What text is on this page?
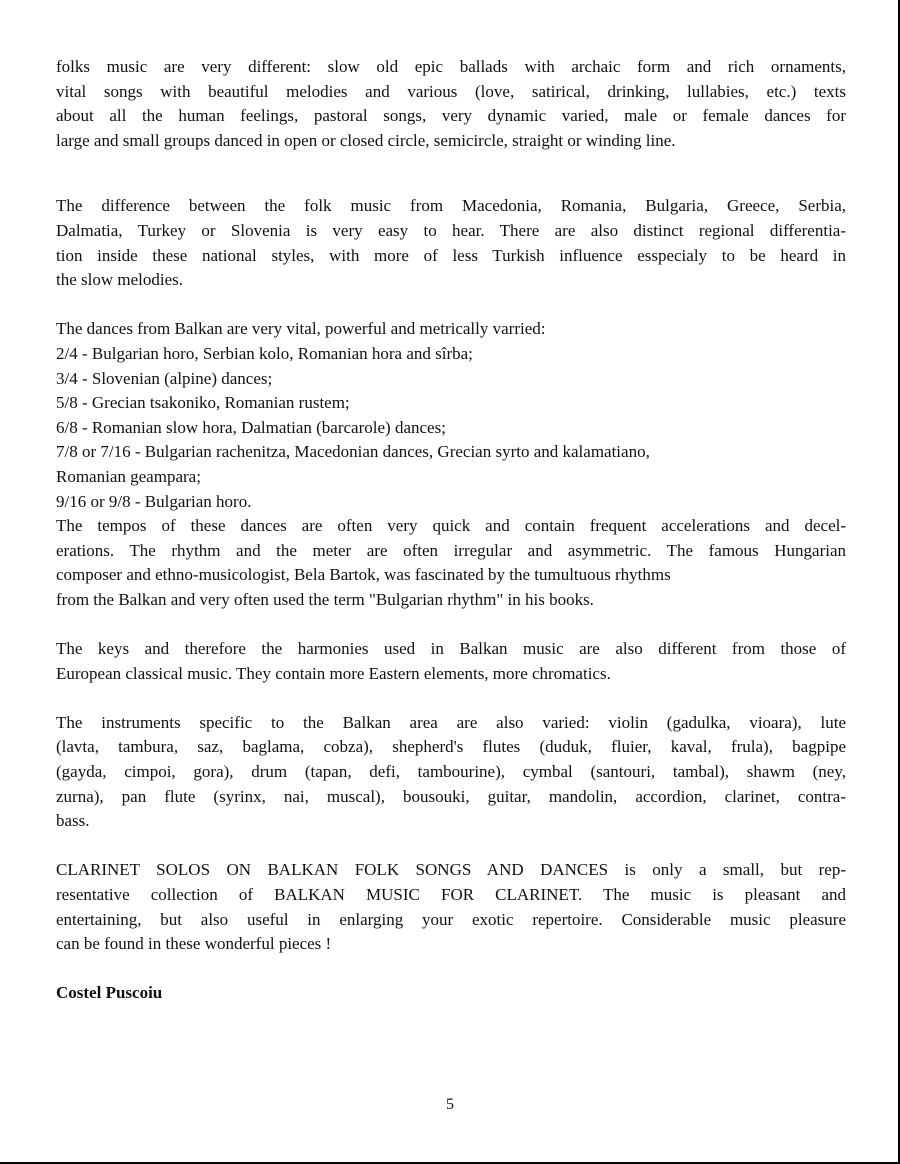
folks music are very different: slow old epic ballads with archaic form and rich ornaments,
vital songs with beautiful melodies and various (love, satirical, drinking, lullabies, etc.) texts
about all the human feelings, pastoral songs, very dynamic varied, male or female dances for
large and small groups danced in open or closed circle, semicircle, straight or winding line.
The difference between the folk music from Macedonia, Romania, Bulgaria, Greece, Serbia,
Dalmatia, Turkey or Slovenia is very easy to hear. There are also distinct regional differentia-
tion inside these national styles, with more of less Turkish influence esspecialy to be heard in
the slow melodies.
The dances from Balkan are very vital, powerful and metrically varried:
2/4 - Bulgarian horo, Serbian kolo, Romanian hora and sîrba;
3/4 - Slovenian (alpine) dances;
5/8 - Grecian tsakoniko, Romanian rustem;
6/8 - Romanian slow hora, Dalmatian (barcarole) dances;
7/8 or 7/16 - Bulgarian rachenitza, Macedonian dances, Grecian syrto and kalamatiano,
Romanian geampara;
9/16 or 9/8 - Bulgarian horo.
The tempos of these dances are often very quick and contain frequent accelerations and decel-
erations. The rhythm and the meter are often irregular and asymmetric. The famous Hungarian
composer and ethno-musicologist, Bela Bartok, was fascinated by the tumultuous rhythms
from the Balkan and very often used the term "Bulgarian rhythm" in his books.
The keys and therefore the harmonies used in Balkan music are also different from those of
European classical music. They contain more Eastern elements, more chromatics.
The instruments specific to the Balkan area are also varied: violin (gadulka, vioara), lute
(lavta, tambura, saz, baglama, cobza), shepherd's flutes (duduk, fluier, kaval, frula), bagpipe
(gayda, cimpoi, gora), drum (tapan, defi, tambourine), cymbal (santouri, tambal), shawm (ney,
zurna), pan flute (syrinx, nai, muscal), bousouki, guitar, mandolin, accordion, clarinet, contra-
bass.
CLARINET SOLOS ON BALKAN FOLK SONGS AND DANCES is only a small, but rep-
resentative collection of BALKAN MUSIC FOR CLARINET. The music is pleasant and
entertaining, but also useful in enlarging your exotic repertoire. Considerable music pleasure
can be found in these wonderful pieces !
Costel Puscoiu
5
